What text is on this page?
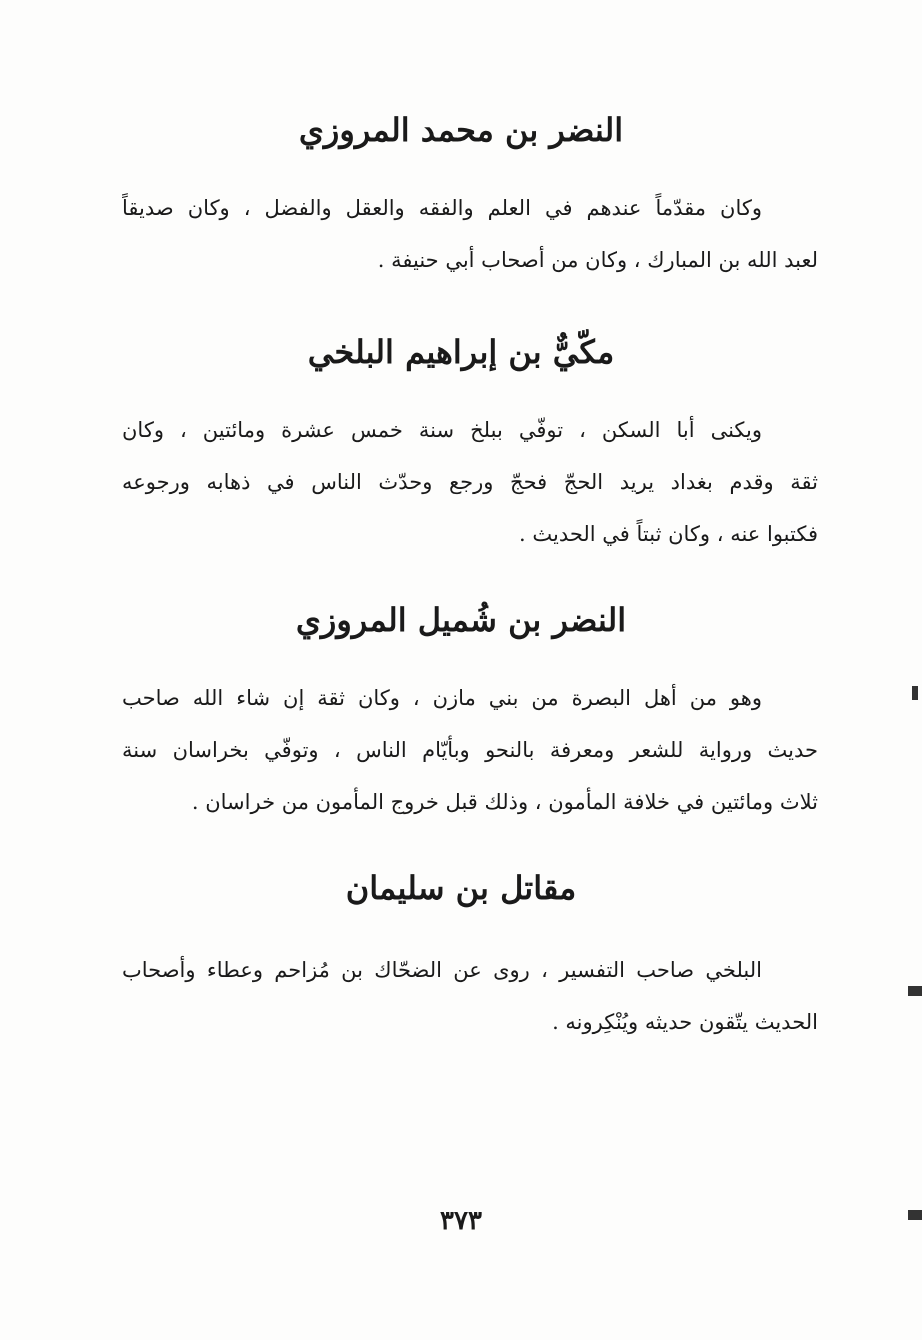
النضر بن محمد المروزي

وكان مقدّماً عندهم في العلم والفقه والعقل والفضل ، وكان صديقاً
لعبد الله بن المبارك ، وكان من أصحاب أبي حنيفة .

مكّيٌّ بن إبراهيم البلخي

ويكنى أبا السكن ، توفّي ببلخ سنة خمس عشرة ومائتين ، وكان
ثقة وقدم بغداد يريد الحجّ فحجّ ورجع وحدّث الناس في ذهابه ورجوعه
فكتبوا عنه ، وكان ثبتاً في الحديث .

النضر بن شُميل المروزي

وهو من أهل البصرة من بني مازن ، وكان ثقة إن شاء الله صاحب
حديث ورواية للشعر ومعرفة بالنحو وبأيّام الناس ، وتوفّي بخراسان سنة
ثلاث ومائتين في خلافة المأمون ، وذلك قبل خروج المأمون من خراسان .

مقاتل بن سليمان

البلخي صاحب التفسير ، روى عن الضحّاك بن مُزاحم وعطاء وأصحاب
الحديث يتّقون حديثه ويُنْكِرونه .

٣٧٣
